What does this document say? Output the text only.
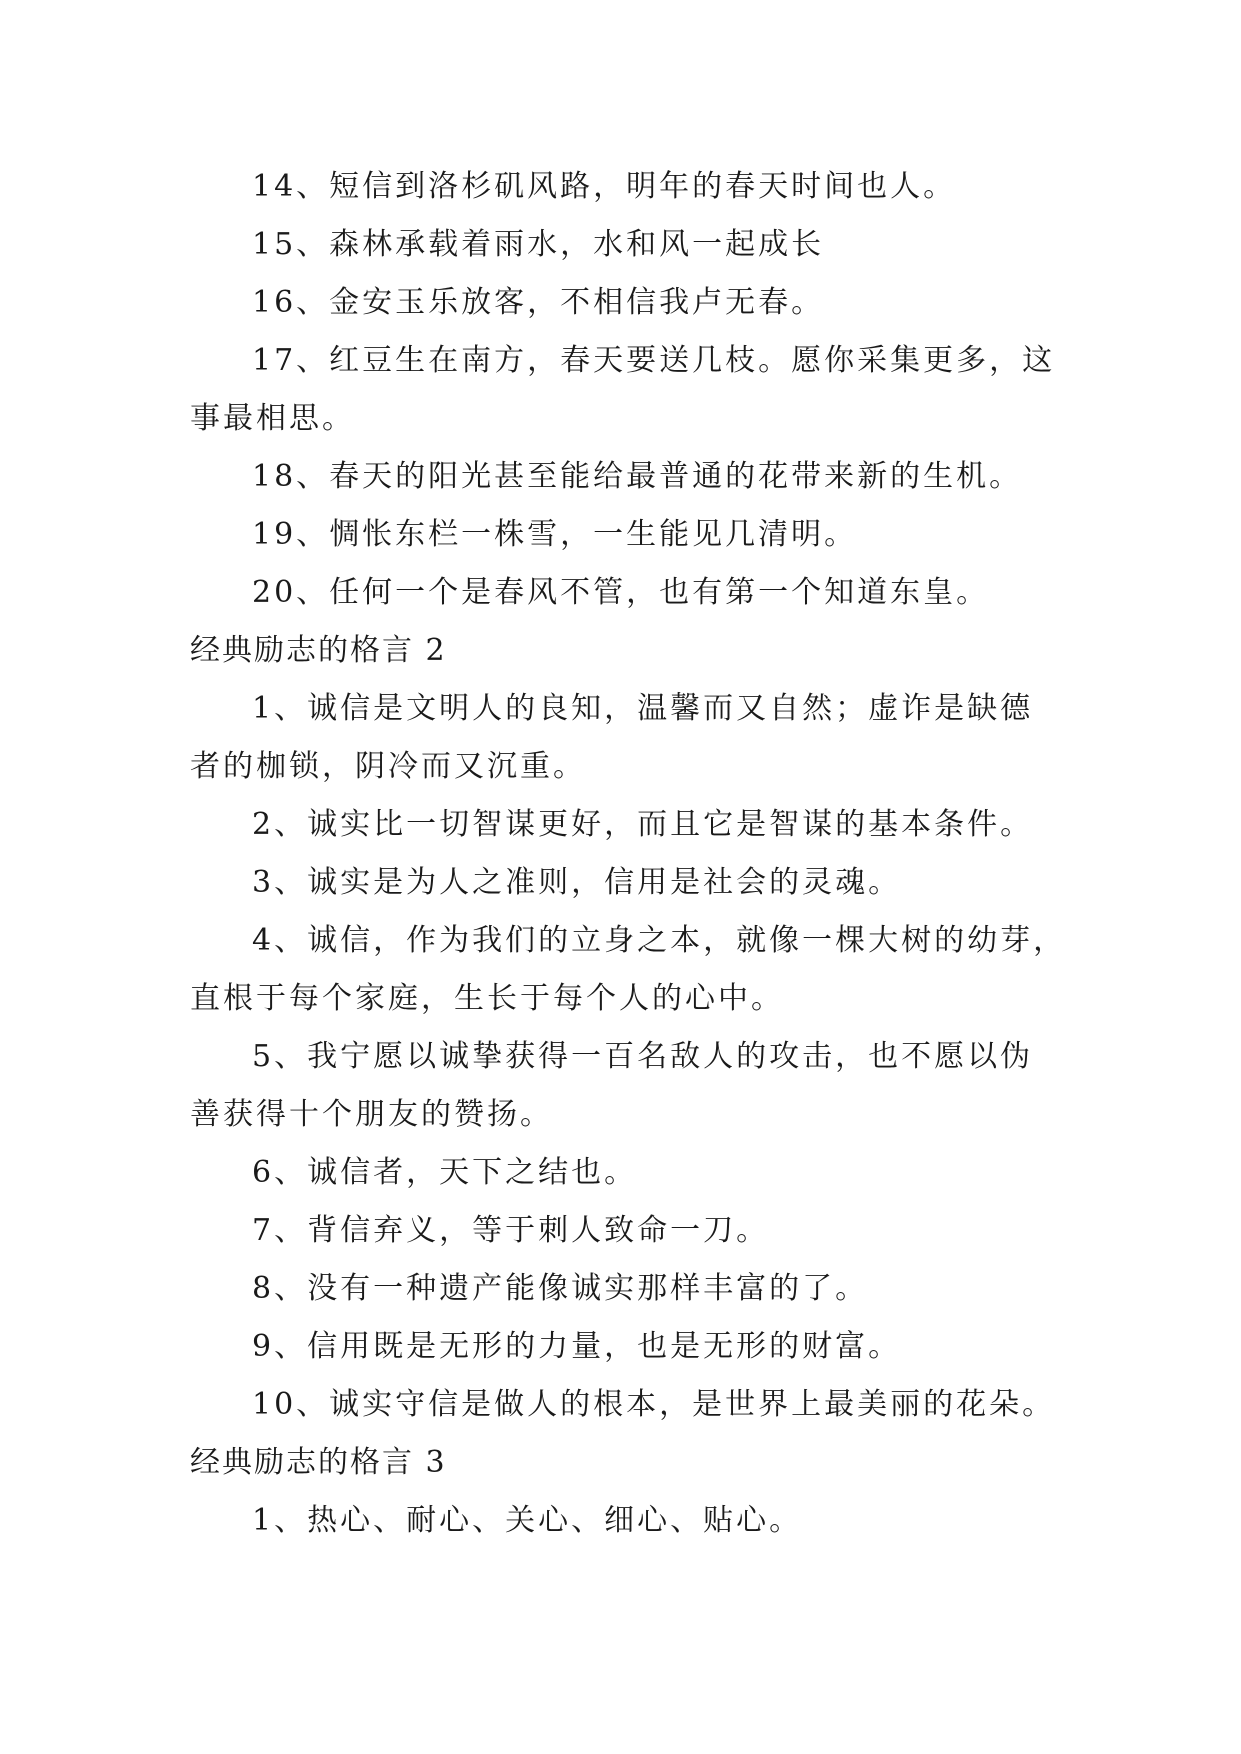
14、短信到洛杉矶风路，明年的春天时间也人。
15、森林承载着雨水，水和风一起成长
16、金安玉乐放客，不相信我卢无春。
17、红豆生在南方，春天要送几枝。愿你采集更多，这
事最相思。
18、春天的阳光甚至能给最普通的花带来新的生机。
19、惆怅东栏一株雪，一生能见几清明。
20、任何一个是春风不管，也有第一个知道东皇。
经典励志的格言 2
1、诚信是文明人的良知，温馨而又自然；虚诈是缺德
者的枷锁，阴冷而又沉重。
2、诚实比一切智谋更好，而且它是智谋的基本条件。
3、诚实是为人之准则，信用是社会的灵魂。
4、诚信，作为我们的立身之本，就像一棵大树的幼芽，
直根于每个家庭，生长于每个人的心中。
5、我宁愿以诚挚获得一百名敌人的攻击，也不愿以伪
善获得十个朋友的赞扬。
6、诚信者，天下之结也。
7、背信弃义，等于刺人致命一刀。
8、没有一种遗产能像诚实那样丰富的了。
9、信用既是无形的力量，也是无形的财富。
10、诚实守信是做人的根本，是世界上最美丽的花朵。
经典励志的格言 3
1、热心、耐心、关心、细心、贴心。
